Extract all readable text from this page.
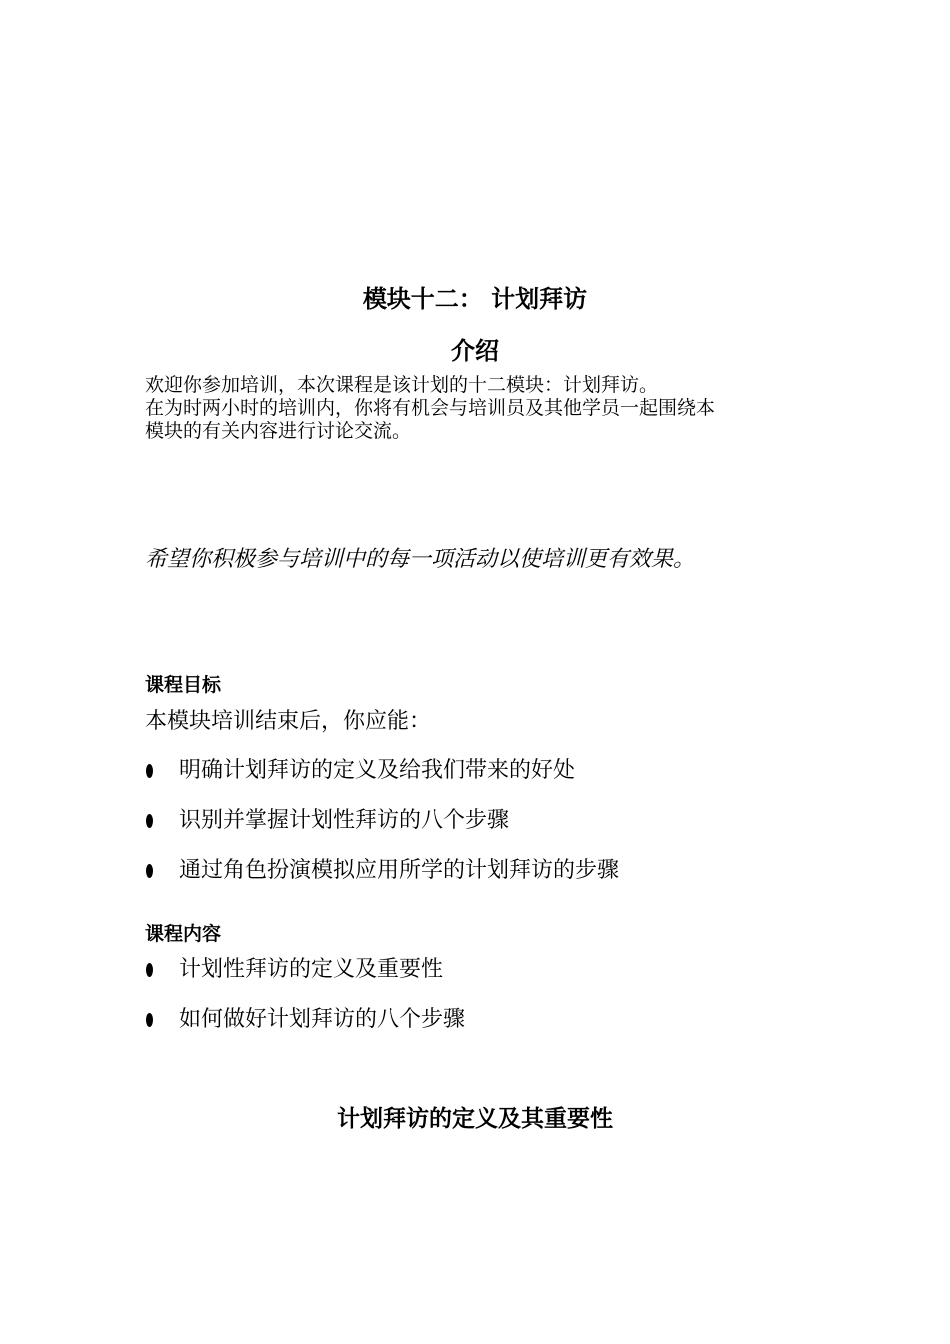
模块十二： 计划拜访
介绍
欢迎你参加培训，本次课程是该计划的十二模块：计划拜访。
在为时两小时的培训内，你将有机会与培训员及其他学员一起围绕本
模块的有关内容进行讨论交流。
希望你积极参与培训中的每一项活动以使培训更有效果。
课程目标
本模块培训结束后，你应能：
明确计划拜访的定义及给我们带来的好处
识别并掌握计划性拜访的八个步骤
通过角色扮演模拟应用所学的计划拜访的步骤
课程内容
计划性拜访的定义及重要性
如何做好计划拜访的八个步骤
计划拜访的定义及其重要性
